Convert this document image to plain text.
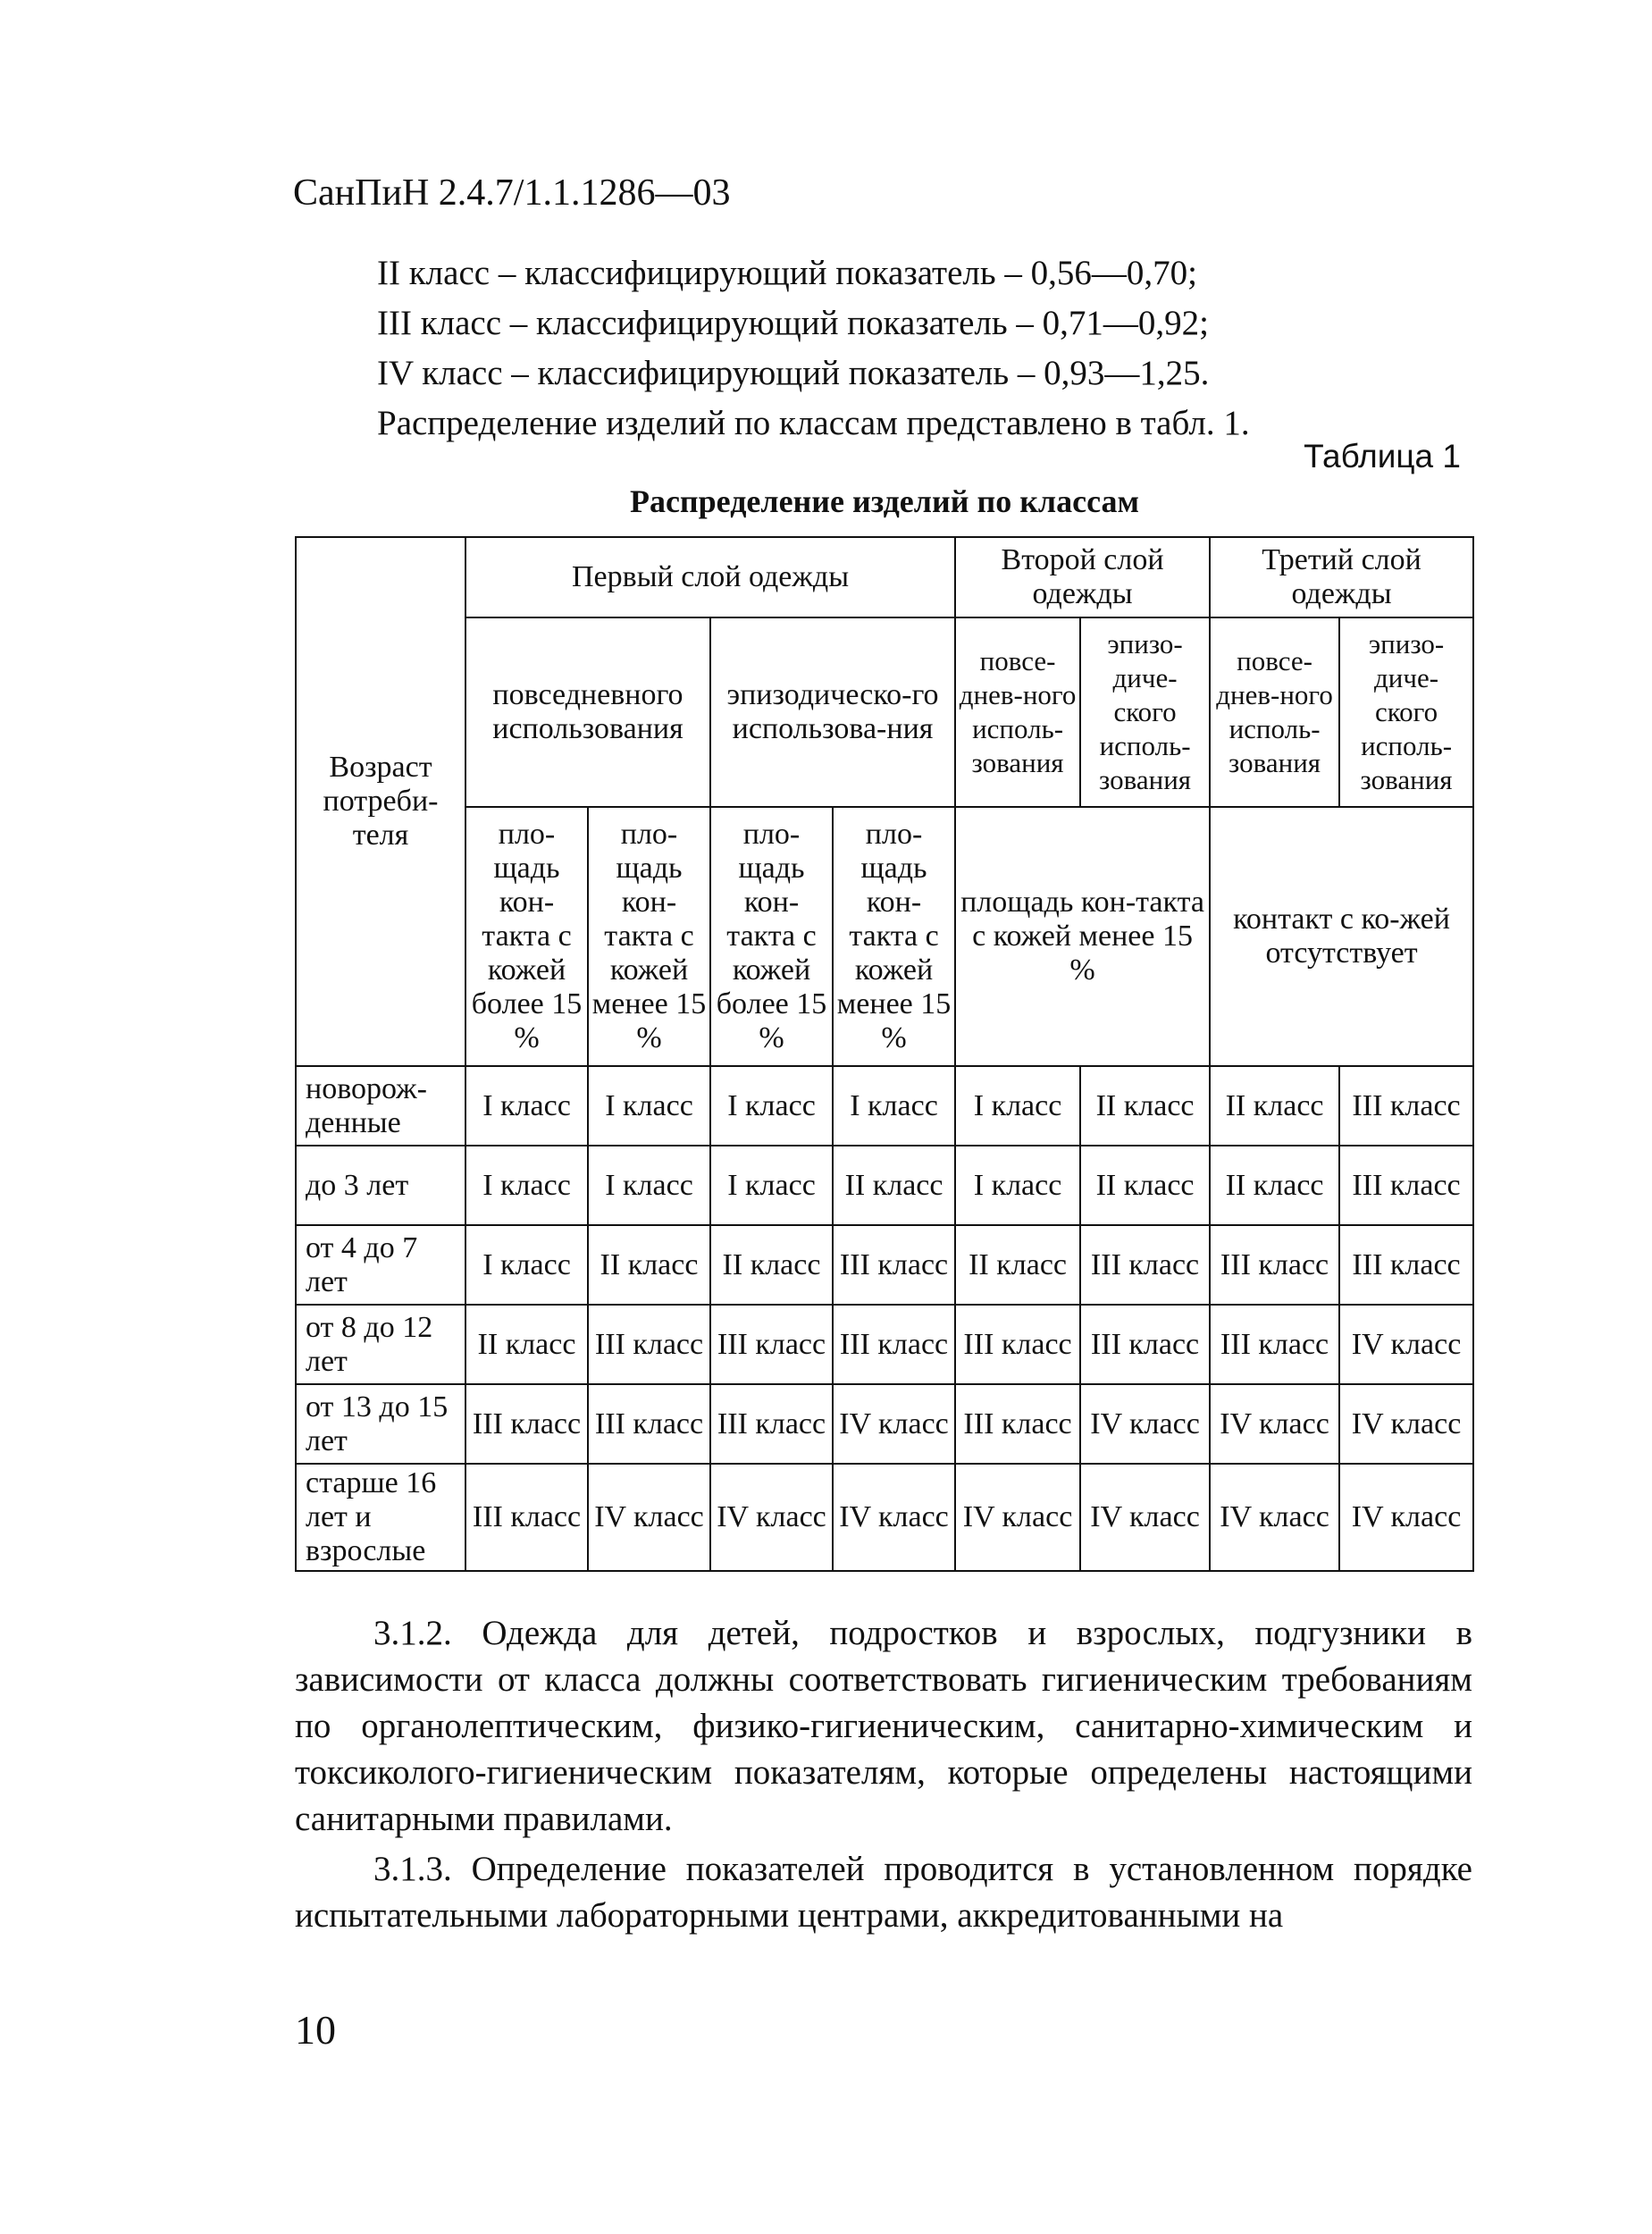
СанПиН 2.4.7/1.1.1286—03
II класс – классифицирующий показатель – 0,56—0,70;
III класс – классифицирующий показатель – 0,71—0,92;
IV класс – классифицирующий показатель – 0,93—1,25.
Распределение изделий по классам представлено в табл. 1.

Таблица 1

Распределение изделий по классам

Возраст потреби-теля	Первый слой одежды				Второй слой одежды		Третий слой одежды	
	повседневного использования		эпизодическо-го использова-ния		повсе-днев-ного исполь-зования	эпизо-диче-ского исполь-зования	повсе-днев-ного исполь-зования	эпизо-диче-ского исполь-зования
	пло-щадь кон-такта с кожей более 15 %	пло-щадь кон-такта с кожей менее 15 %	пло-щадь кон-такта с кожей более 15 %	пло-щадь кон-такта с кожей менее 15 %	площадь кон-такта с кожей менее 15 %		контакт с ко-жей отсутствует	
новорож-денные	I класс	I класс	I класс	I класс	I класс	II класс	II класс	III класс
до 3 лет	I класс	I класс	I класс	II класс	I класс	II класс	II класс	III класс
от 4 до 7 лет	I класс	II класс	II класс	III класс	II класс	III класс	III класс	III класс
от 8 до 12 лет	II класс	III класс	III класс	III класс	III класс	III класс	III класс	IV класс
от 13 до 15 лет	III класс	III класс	III класс	IV класс	III класс	IV класс	IV класс	IV класс
старше 16 лет и взрослые	III класс	IV класс	IV класс	IV класс	IV класс	IV класс	IV класс	IV класс

3.1.2. Одежда для детей, подростков и взрослых, подгузники в зависимости от класса должны соответствовать гигиеническим требованиям по органолептическим, физико-гигиеническим, санитарно-химическим и токсиколого-гигиеническим показателям, которые определены настоящими санитарными правилами.

3.1.3. Определение показателей проводится в установленном порядке испытательными лабораторными центрами, аккредитованными на

10
